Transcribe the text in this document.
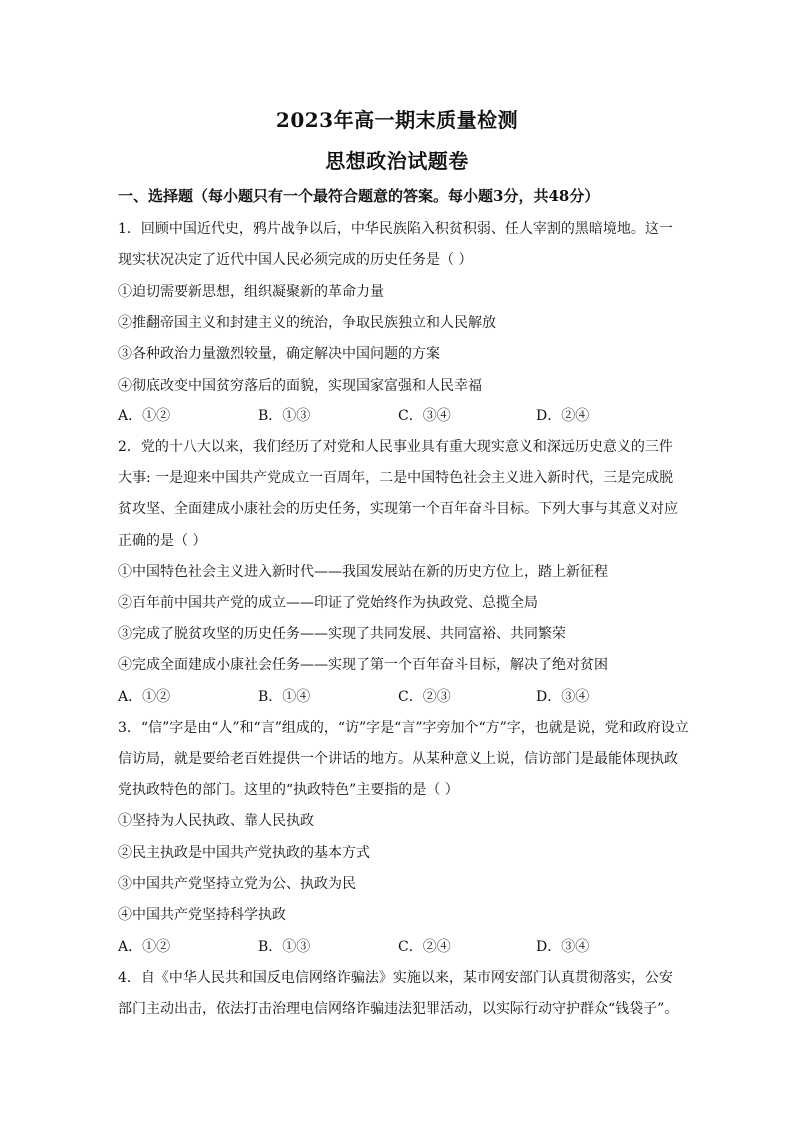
2023年高一期末质量检测
思想政治试题卷
一、选择题（每小题只有一个最符合题意的答案。每小题3分，共48分）
1．回顾中国近代史，鸦片战争以后，中华民族陷入积贫积弱、任人宰割的黑暗境地。这一
现实状况决定了近代中国人民必须完成的历史任务是（ ）
①迫切需要新思想，组织凝聚新的革命力量
②推翻帝国主义和封建主义的统治，争取民族独立和人民解放
③各种政治力量激烈较量，确定解决中国问题的方案
④彻底改变中国贫穷落后的面貌，实现国家富强和人民幸福
A．①②	B．①③	C．③④	D．②④
2．党的十八大以来，我们经历了对党和人民事业具有重大现实意义和深远历史意义的三件
大事: 一是迎来中国共产党成立一百周年，二是中国特色社会主义进入新时代，三是完成脱
贫攻坚、全面建成小康社会的历史任务，实现第一个百年奋斗目标。下列大事与其意义对应
正确的是（ ）
①中国特色社会主义进入新时代——我国发展站在新的历史方位上，踏上新征程
②百年前中国共产党的成立——印证了党始终作为执政党、总揽全局
③完成了脱贫攻坚的历史任务——实现了共同发展、共同富裕、共同繁荣
④完成全面建成小康社会任务——实现了第一个百年奋斗目标，解决了绝对贫困
A．①②	B．①④	C．②③	D．③④
3．“信”字是由“人”和“言”组成的，“访”字是“言”字旁加个“方”字，也就是说，党和政府设立
信访局，就是要给老百姓提供一个讲话的地方。从某种意义上说，信访部门是最能体现执政
党执政特色的部门。这里的“执政特色”主要指的是（ ）
①坚持为人民执政、靠人民执政
②民主执政是中国共产党执政的基本方式
③中国共产党坚持立党为公、执政为民
④中国共产党坚持科学执政
A．①②	B．①③	C．②④	D．③④
4．自《中华人民共和国反电信网络诈骗法》实施以来，某市网安部门认真贯彻落实，公安
部门主动出击，依法打击治理电信网络诈骗违法犯罪活动，以实际行动守护群众“钱袋子”。
